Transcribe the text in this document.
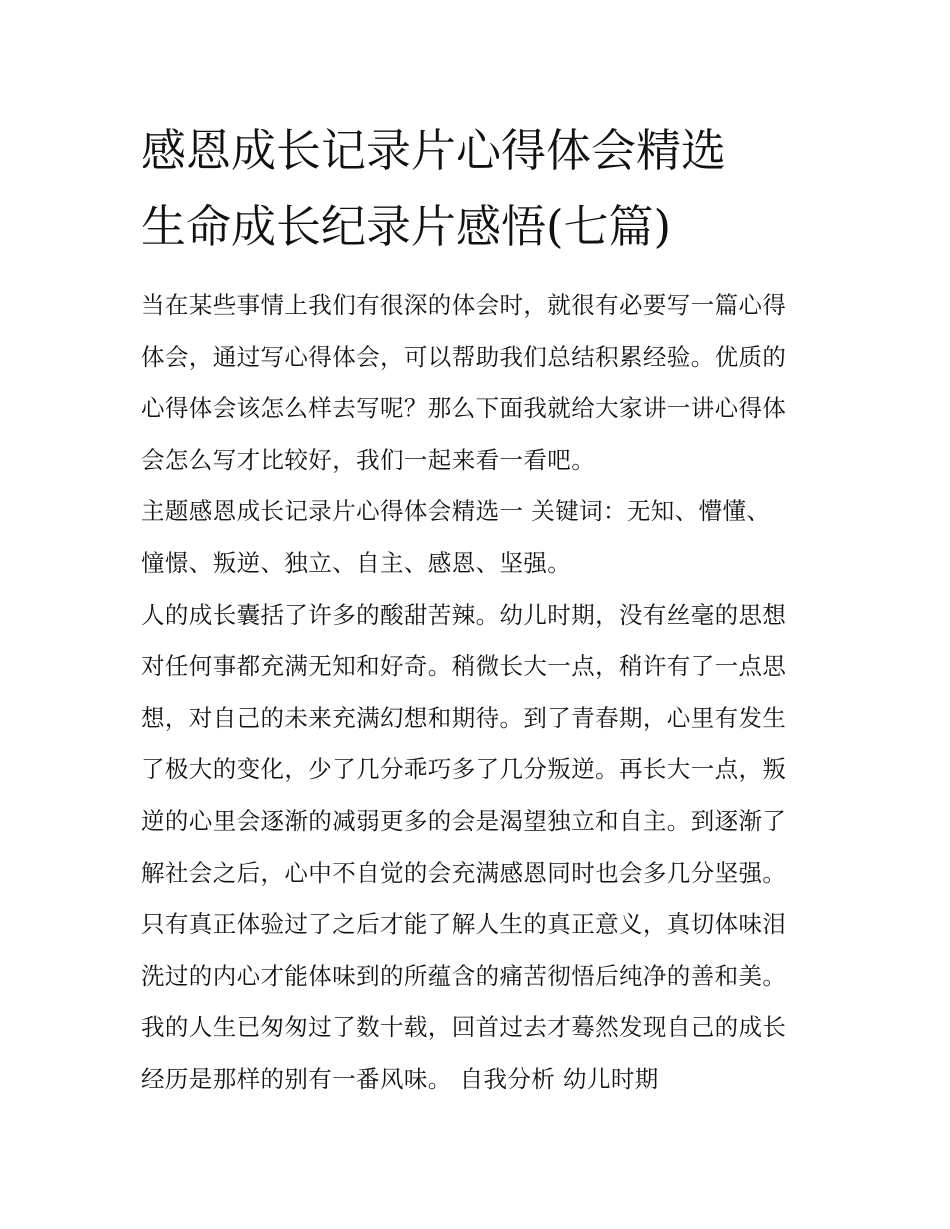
感恩成长记录片心得体会精选
生命成长纪录片感悟(七篇)
当在某些事情上我们有很深的体会时，就很有必要写一篇心得
体会，通过写心得体会，可以帮助我们总结积累经验。优质的
心得体会该怎么样去写呢？那么下面我就给大家讲一讲心得体
会怎么写才比较好，我们一起来看一看吧。
主题感恩成长记录片心得体会精选一 关键词：无知、懵懂、
憧憬、叛逆、独立、自主、感恩、坚强。
人的成长囊括了许多的酸甜苦辣。幼儿时期，没有丝毫的思想
对任何事都充满无知和好奇。稍微长大一点，稍许有了一点思
想，对自己的未来充满幻想和期待。到了青春期，心里有发生
了极大的变化，少了几分乖巧多了几分叛逆。再长大一点，叛
逆的心里会逐渐的减弱更多的会是渴望独立和自主。到逐渐了
解社会之后，心中不自觉的会充满感恩同时也会多几分坚强。
只有真正体验过了之后才能了解人生的真正意义，真切体味泪
洗过的内心才能体味到的所蕴含的痛苦彻悟后纯净的善和美。
我的人生已匆匆过了数十载，回首过去才蓦然发现自己的成长
经历是那样的别有一番风味。 自我分析 幼儿时期
